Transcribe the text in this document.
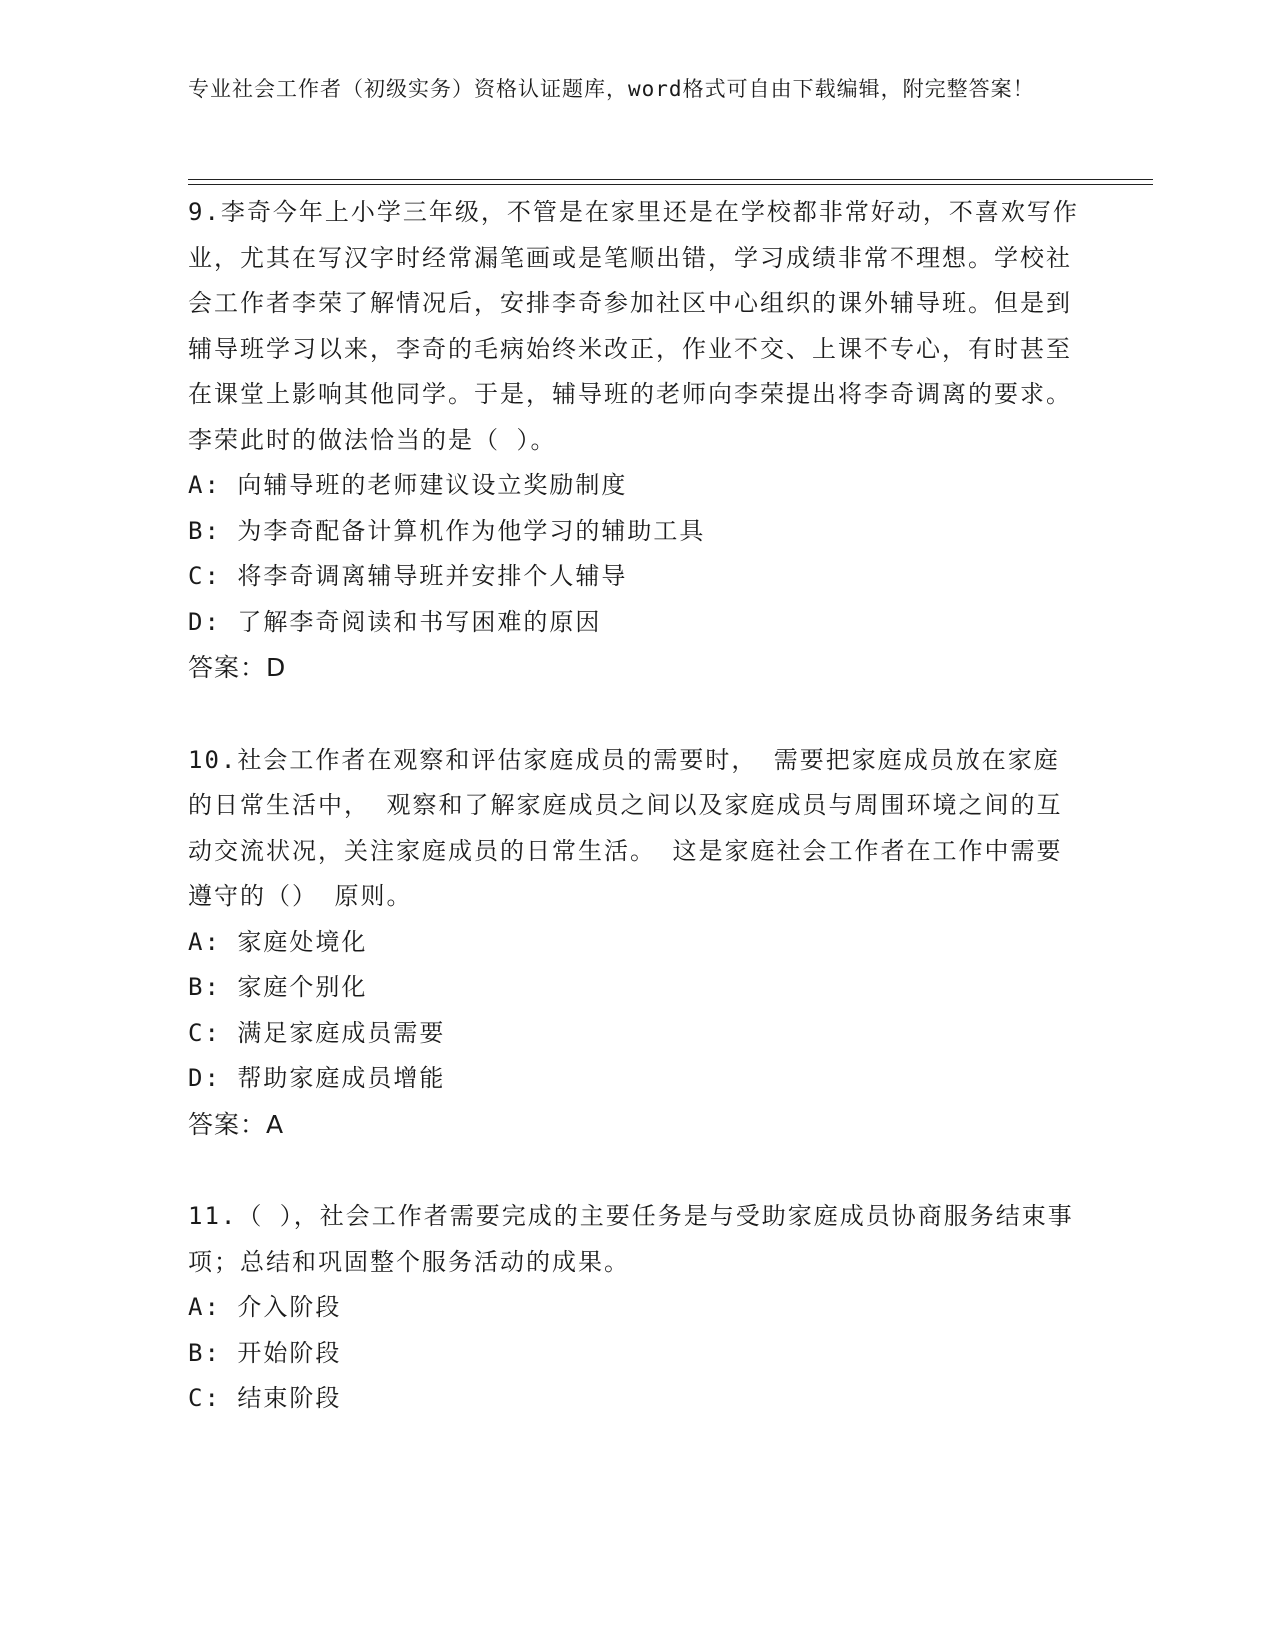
专业社会工作者（初级实务）资格认证题库，word格式可自由下载编辑，附完整答案！
9.李奇今年上小学三年级，不管是在家里还是在学校都非常好动，不喜欢写作业，尤其在写汉字时经常漏笔画或是笔顺出错，学习成绩非常不理想。学校社会工作者李荣了解情况后，安排李奇参加社区中心组织的课外辅导班。但是到辅导班学习以来，李奇的毛病始终米改正，作业不交、上课不专心，有时甚至在课堂上影响其他同学。于是，辅导班的老师向李荣提出将李奇调离的要求。李荣此时的做法恰当的是（ ）。
A: 向辅导班的老师建议设立奖励制度
B: 为李奇配备计算机作为他学习的辅助工具
C: 将李奇调离辅导班并安排个人辅导
D: 了解李奇阅读和书写困难的原因
答案：D
10.社会工作者在观察和评估家庭成员的需要时， 需要把家庭成员放在家庭的日常生活中， 观察和了解家庭成员之间以及家庭成员与周围环境之间的互动交流状况，关注家庭成员的日常生活。 这是家庭社会工作者在工作中需要遵守的（） 原则。
A: 家庭处境化
B: 家庭个别化
C: 满足家庭成员需要
D: 帮助家庭成员增能
答案：A
11.（ ），社会工作者需要完成的主要任务是与受助家庭成员协商服务结束事项；总结和巩固整个服务活动的成果。
A: 介入阶段
B: 开始阶段
C: 结束阶段
